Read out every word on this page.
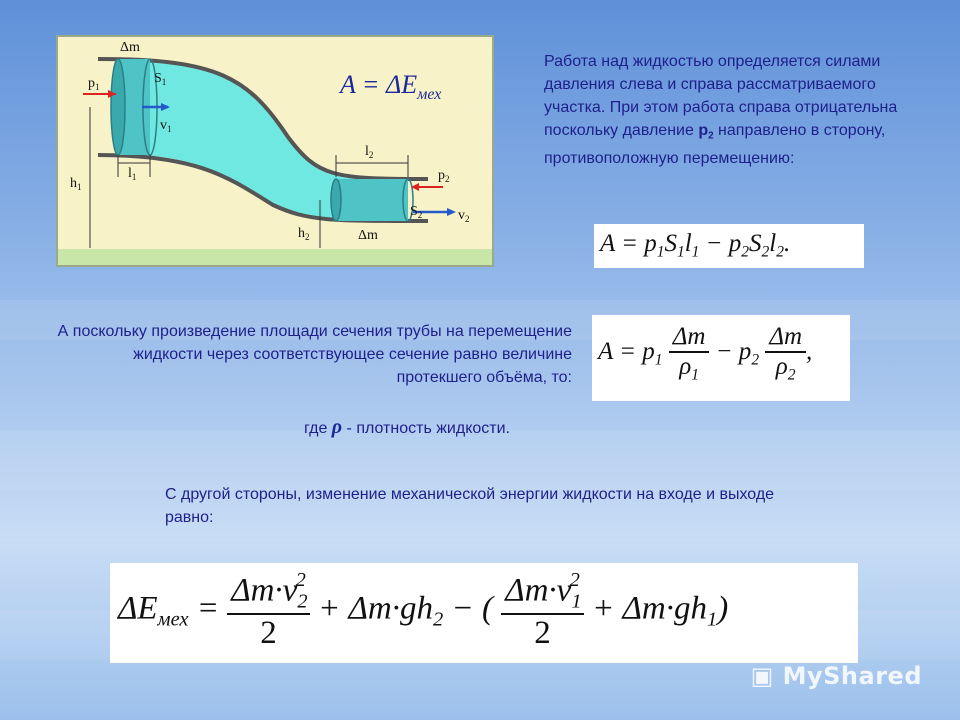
Δm
$p_1$
$S_1$
$v_1$
$l_1$
$h_1$
$l_2$
$p_2$
$S_2$	$v_2$
$h_2$	Δm
$A = \Delta E_{мех}$
Работа над жидкостью определяется силами давления слева и справа рассматриваемого участка. При этом работа справа отрицательна поскольку давление $p_2$ направлено в сторону, противоположную перемещению:
$A = p_1S_1l_1 - p_2S_2l_2$.
А поскольку произведение площади сечения трубы на перемещение жидкости через соответствующее сечение равно величине протекшего объёма, то:
$A = p_1 \frac{\Delta m}{\rho_1} - p_2 \frac{\Delta m}{\rho_2}$ ,
где ρ - плотность жидкости.
С другой стороны, изменение механической энергии жидкости на входе и выходе равно:
$\Delta E_{мех} = \frac{\Delta m\cdot v_2^2}{2} + \Delta m\cdot gh_2$ − ( $\frac{\Delta m\cdot v_1^2}{2} + \Delta m\cdot gh_1$)
▣ MyShared
